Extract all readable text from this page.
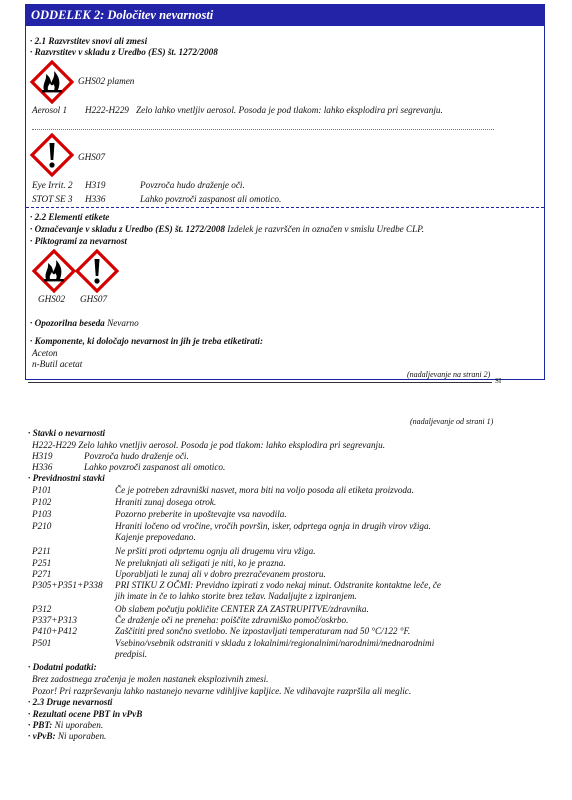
ODDELEK 2: Določitev nevarnosti
· 2.1 Razvrstitev snovi ali zmesi
· Razvrstitev v skladu z Uredbo (ES) št. 1272/2008
GHS02 plamen
Aerosol 1 H222-H229 Zelo lahko vnetljiv aerosol. Posoda je pod tlakom: lahko eksplodira pri segrevanju.
GHS07
Eye Irrit. 2 H319	Povzroča hudo draženje oči.
STOT SE 3 H336	Lahko povzroči zaspanost ali omotico.
· 2.2 Elementi etikete
· Označevanje v skladu z Uredbo (ES) št. 1272/2008 Izdelek je razvrščen in označen v smislu Uredbe CLP.
· Piktogrami za nevarnost
GHS02 GHS07
· Opozorilna beseda Nevarno
· Komponente, ki določajo nevarnost in jih je treba etiketirati:
Aceton
n-Butil acetat
(nadaljevanje na strani 2)
SI
(nadaljevanje od strani 1)
· Stavki o nevarnosti
H222-H229 Zelo lahko vnetljiv aerosol. Posoda je pod tlakom: lahko eksplodira pri segrevanju.
H319	Povzroča hudo draženje oči.
H336	Lahko povzroči zaspanost ali omotico.
· Previdnostni stavki
P101	Če je potreben zdravniški nasvet, mora biti na voljo posoda ali etiketa proizvoda.
P102	Hraniti zunaj dosega otrok.
P103	Pozorno preberite in upoštevajte vsa navodila.
P210	Hraniti ločeno od vročine, vročih površin, isker, odprtega ognja in drugih virov vžiga.
Kajenje prepovedano.
P211	Ne pršiti proti odprtemu ognju ali drugemu viru vžiga.
P251	Ne preluknjati ali sežigati je niti, ko je prazna.
P271	Uporabljati le zunaj ali v dobro prezračevanem prostoru.
P305+P351+P338 PRI STIKU Z OČMI: Previdno izpirati z vodo nekaj minut. Odstranite kontaktne leče, če
jih imate in če to lahko storite brez težav. Nadaljujte z izpiranjem.
P312	Ob slabem počutju pokličite CENTER ZA ZASTRUPITVE/zdravnika.
P337+P313	Če draženje oči ne preneha: poiščite zdravniško pomoč/oskrbo.
P410+P412	Zaščititi pred sončno svetlobo. Ne izpostavljati temperaturam nad 50 °C/122 °F.
P501	Vsebino/vsebnik odstraniti v skladu z lokalnimi/regionalnimi/narodnimi/mednarodnimi
predpisi.
· Dodatni podatki:
Brez zadostnega zračenja je možen nastanek eksplozivnih zmesi.
Pozor! Pri razprševanju lahko nastanejo nevarne vdihljive kapljice. Ne vdihavajte razpršila ali meglic.
· 2.3 Druge nevarnosti
· Rezultati ocene PBT in vPvB
· PBT: Ni uporaben.
· vPvB: Ni uporaben.
